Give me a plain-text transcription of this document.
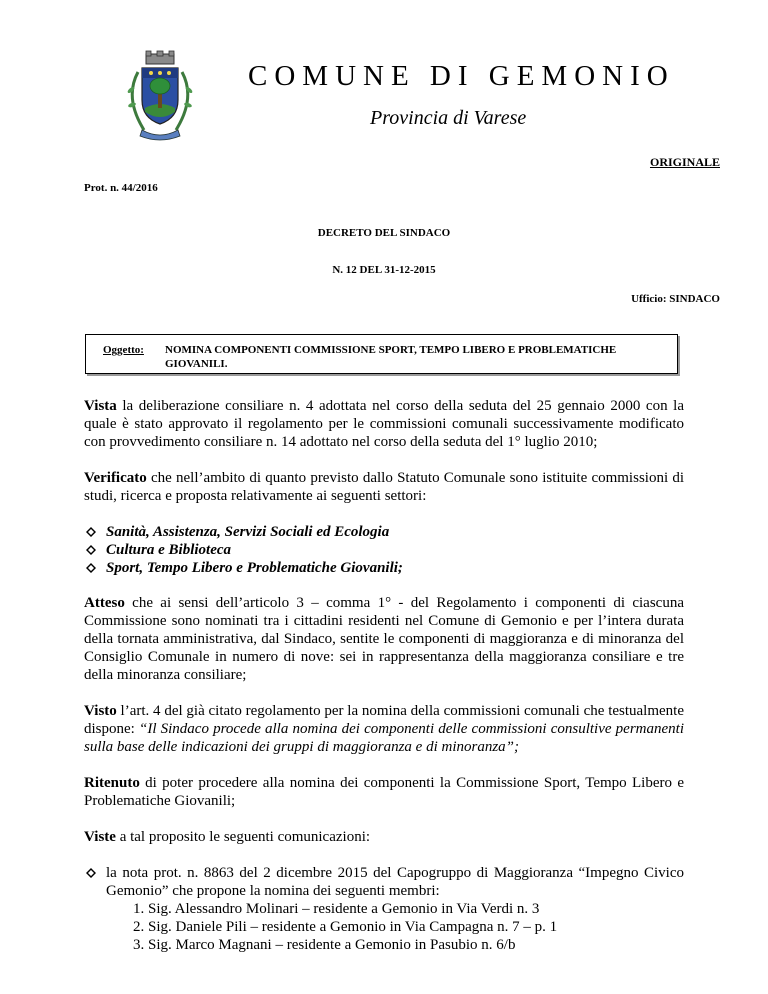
COMUNE DI GEMONIO
Provincia di Varese
ORIGINALE
Prot. n. 44/2016
DECRETO DEL SINDACO
N. 12 DEL 31-12-2015
Ufficio: SINDACO
Oggetto: NOMINA COMPONENTI COMMISSIONE SPORT, TEMPO LIBERO E PROBLEMATICHE GIOVANILI.

Vista la deliberazione consiliare n. 4 adottata nel corso della seduta del 25 gennaio 2000 con la quale è stato approvato il regolamento per le commissioni comunali successivamente modificato con provvedimento consiliare n. 14 adottato nel corso della seduta del 1° luglio 2010;

Verificato che nell’ambito di quanto previsto dallo Statuto Comunale sono istituite commissioni di studi, ricerca e proposta relativamente ai seguenti settori:

Sanità, Assistenza, Servizi Sociali ed Ecologia
Cultura e Biblioteca
Sport, Tempo Libero e Problematiche Giovanili;

Atteso che ai sensi dell’articolo 3 – comma 1° - del Regolamento i componenti di ciascuna Commissione sono nominati tra i cittadini residenti nel Comune di Gemonio e per l’intera durata della tornata amministrativa, dal Sindaco, sentite le componenti di maggioranza e di minoranza del Consiglio Comunale in numero di nove: sei in rappresentanza della maggioranza consiliare e tre della minoranza consiliare;

Visto l’art. 4 del già citato regolamento per la nomina della commissioni comunali che testualmente dispone: “Il Sindaco procede alla nomina dei componenti delle commissioni consultive permanenti sulla base delle indicazioni dei gruppi di maggioranza e di minoranza”;

Ritenuto di poter procedere alla nomina dei componenti la Commissione Sport, Tempo Libero e Problematiche Giovanili;

Viste a tal proposito le seguenti comunicazioni:

la nota prot. n. 8863 del 2 dicembre 2015 del Capogruppo di Maggioranza “Impegno Civico Gemonio” che propone la nomina dei seguenti membri:
1. Sig. Alessandro Molinari – residente a Gemonio in Via Verdi n. 3
2. Sig. Daniele Pili – residente a Gemonio in Via Campagna n. 7 – p. 1
3. Sig. Marco Magnani – residente a Gemonio in Pasubio n. 6/b
